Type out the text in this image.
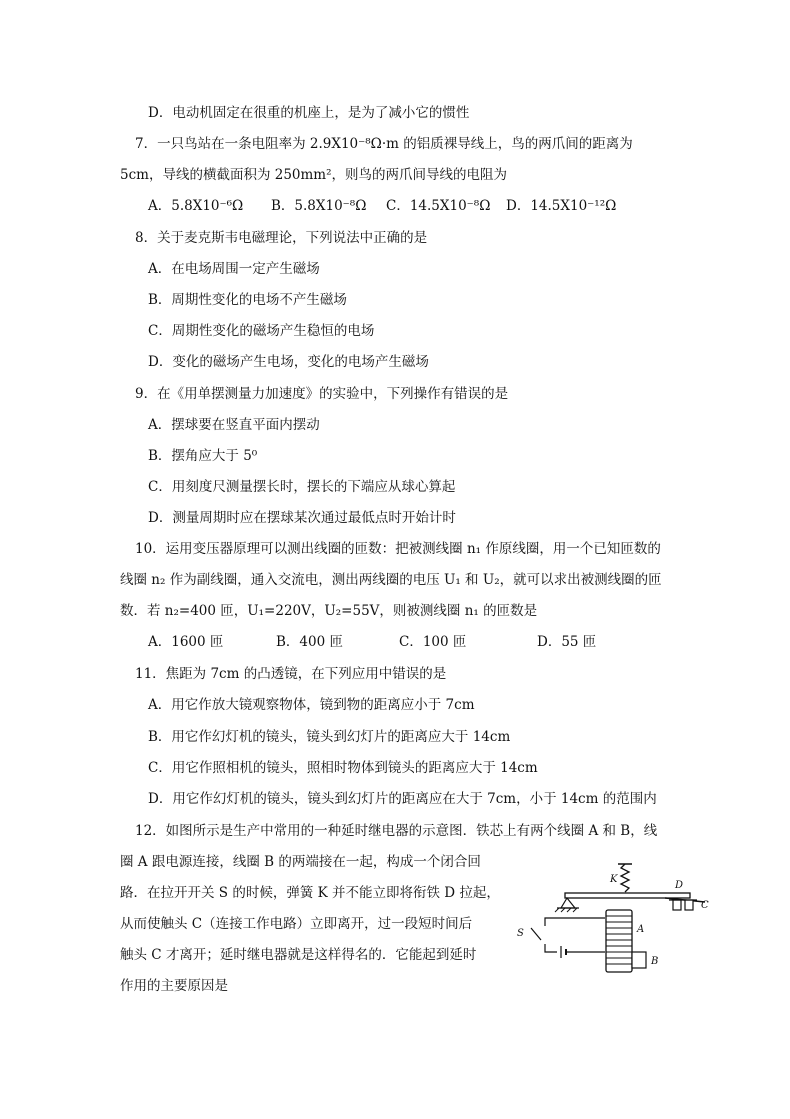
D．电动机固定在很重的机座上，是为了减小它的惯性
7．一只鸟站在一条电阻率为 2.9X10⁻⁸Ω·m 的铝质裸导线上，鸟的两爪间的距离为
5cm，导线的横截面积为 250mm²，则鸟的两爪间导线的电阻为
A．5.8X10⁻⁶Ω B．5.8X10⁻⁸Ω C．14.5X10⁻⁸Ω D．14.5X10⁻¹²Ω
8．关于麦克斯韦电磁理论，下列说法中正确的是
A．在电场周围一定产生磁场
B．周期性变化的电场不产生磁场
C．周期性变化的磁场产生稳恒的电场
D．变化的磁场产生电场，变化的电场产生磁场
9．在《用单摆测量力加速度》的实验中，下列操作有错误的是
A．摆球要在竖直平面内摆动
B．摆角应大于 5⁰
C．用刻度尺测量摆长时，摆长的下端应从球心算起
D．测量周期时应在摆球某次通过最低点时开始计时
10．运用变压器原理可以测出线圈的匝数：把被测线圈 n₁ 作原线圈，用一个已知匝数的
线圈 n₂ 作为副线圈，通入交流电，测出两线圈的电压 U₁ 和 U₂，就可以求出被测线圈的匝
数．若 n₂=400 匝，U₁=220V，U₂=55V，则被测线圈 n₁ 的匝数是
A．1600 匝	B．400 匝	C．100 匝	D．55 匝
11．焦距为 7cm 的凸透镜，在下列应用中错误的是
A．用它作放大镜观察物体，镜到物的距离应小于 7cm
B．用它作幻灯机的镜头，镜头到幻灯片的距离应大于 14cm
C．用它作照相机的镜头，照相时物体到镜头的距离应大于 14cm
D．用它作幻灯机的镜头，镜头到幻灯片的距离应在大于 7cm，小于 14cm 的范围内
12．如图所示是生产中常用的一种延时继电器的示意图．铁芯上有两个线圈 A 和 B，线
圈 A 跟电源连接，线圈 B 的两端接在一起，构成一个闭合回
路．在拉开开关 S 的时候，弹簧 K 并不能立即将衔铁 D 拉起，
从而使触头 C（连接工作电路）立即离开，过一段短时间后
触头 C 才离开；延时继电器就是这样得名的．它能起到延时
作用的主要原因是
K
D
C
S	A
B
